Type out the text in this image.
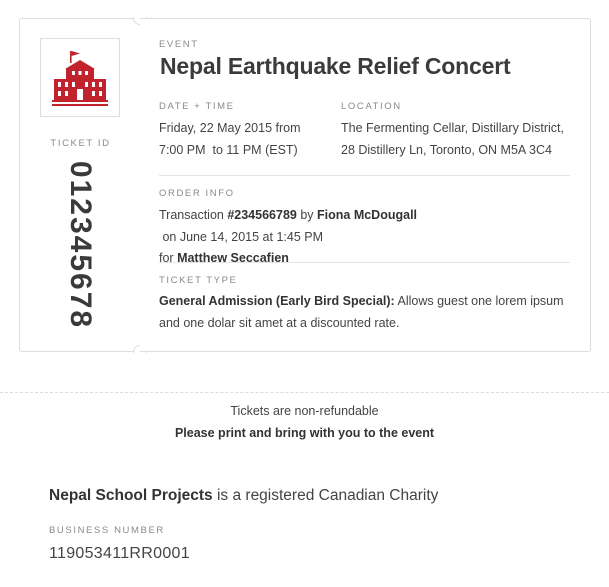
TICKET ID
012345678
EVENT
Nepal Earthquake Relief Concert
DATE + TIME
Friday, 22 May 2015 from
7:00 PM  to 11 PM (EST)
LOCATION
The Fermenting Cellar, Distillary District,
28 Distillery Ln, Toronto, ON M5A 3C4
ORDER INFO
Transaction #234566789 by Fiona McDougall on June 14, 2015 at 1:45 PM
for Matthew Seccafien
TICKET TYPE
General Admission (Early Bird Special): Allows guest one lorem ipsum and one dolar sit amet at a discounted rate.
Tickets are non-refundable
Please print and bring with you to the event
Nepal School Projects is a registered Canadian Charity
BUSINESS NUMBER
119053411RR0001
